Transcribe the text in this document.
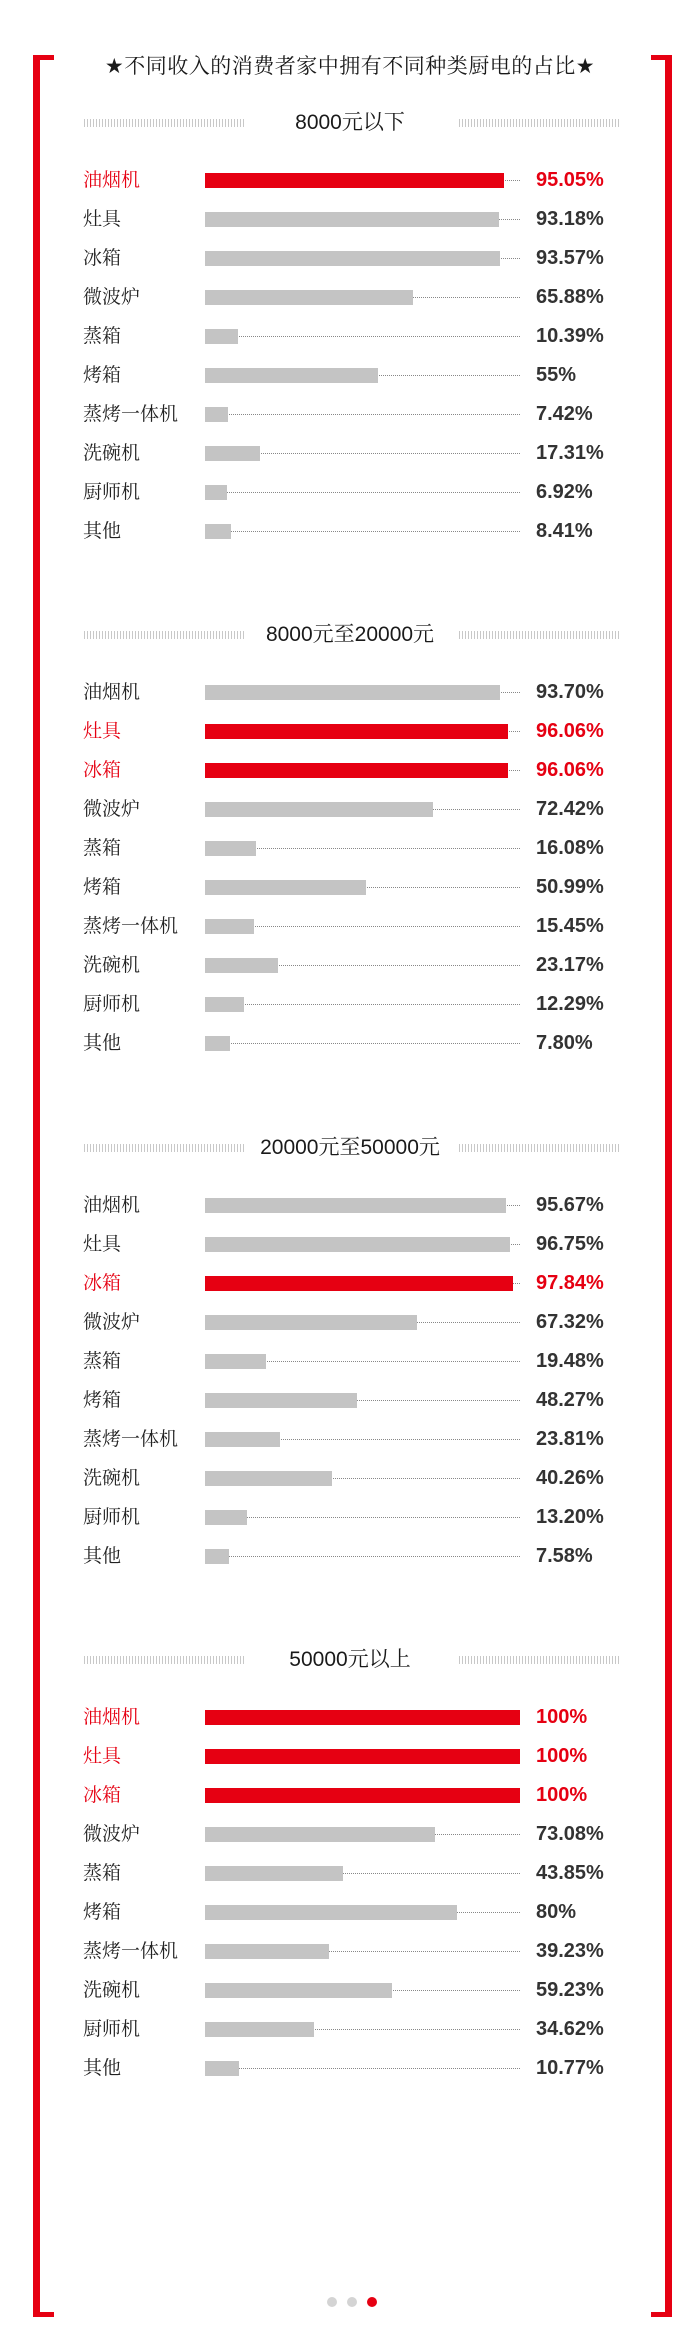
★不同收入的消费者家中拥有不同种类厨电的占比★
8000元以下
油烟机	95.05%
灶具	93.18%
冰箱	93.57%
微波炉	65.88%
蒸箱	10.39%
烤箱	55%
蒸烤一体机	7.42%
洗碗机	17.31%
厨师机	6.92%
其他	8.41%
8000元至20000元
油烟机	93.70%
灶具	96.06%
冰箱	96.06%
微波炉	72.42%
蒸箱	16.08%
烤箱	50.99%
蒸烤一体机	15.45%
洗碗机	23.17%
厨师机	12.29%
其他	7.80%
20000元至50000元
油烟机	95.67%
灶具	96.75%
冰箱	97.84%
微波炉	67.32%
蒸箱	19.48%
烤箱	48.27%
蒸烤一体机	23.81%
洗碗机	40.26%
厨师机	13.20%
其他	7.58%
50000元以上
油烟机	100%
灶具	100%
冰箱	100%
微波炉	73.08%
蒸箱	43.85%
烤箱	80%
蒸烤一体机	39.23%
洗碗机	59.23%
厨师机	34.62%
其他	10.77%
